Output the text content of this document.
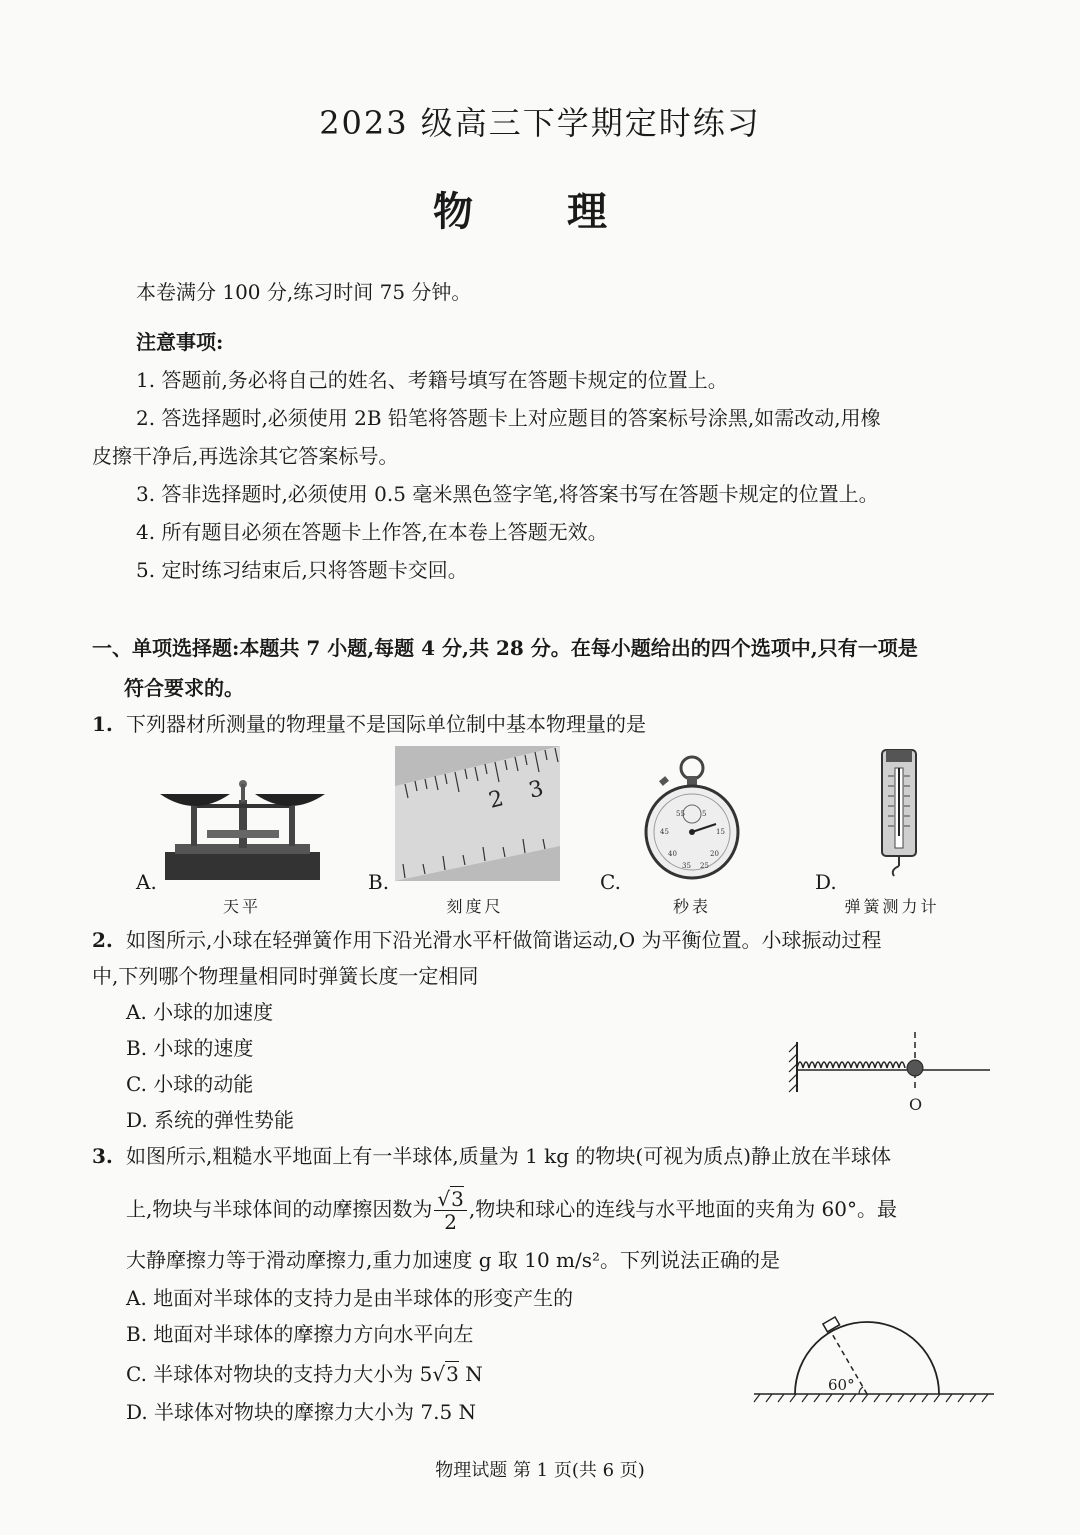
2023 级高三下学期定时练习
物 理
本卷满分 100 分,练习时间 75 分钟。
注意事项:
1. 答题前,务必将自己的姓名、考籍号填写在答题卡规定的位置上。
2. 答选择题时,必须使用 2B 铅笔将答题卡上对应题目的答案标号涂黑,如需改动,用橡
皮擦干净后,再选涂其它答案标号。
3. 答非选择题时,必须使用 0.5 毫米黑色签字笔,将答案书写在答题卡规定的位置上。
4. 所有题目必须在答题卡上作答,在本卷上答题无效。
5. 定时练习结束后,只将答题卡交回。
一、单项选择题:本题共 7 小题,每题 4 分,共 28 分。在每小题给出的四个选项中,只有一项是
符合要求的。
1. 下列器材所测量的物理量不是国际单位制中基本物理量的是
2 3
55 5
45	15
40	20
35 25
A.	B.	C.	D.
天平	刻度尺	秒表	弹簧测力计
2. 如图所示,小球在轻弹簧作用下沿光滑水平杆做简谐运动,O 为平衡位置。小球振动过程
中,下列哪个物理量相同时弹簧长度一定相同
A. 小球的加速度
B. 小球的速度
C. 小球的动能
D. 系统的弹性势能
O
3. 如图所示,粗糙水平地面上有一半球体,质量为 1 kg 的物块(可视为质点)静止放在半球体
上,物块与半球体间的动摩擦因数为 $\frac{√3}{2}$ ,物块和球心的连线与水平地面的夹角为 60°。最
大静摩擦力等于滑动摩擦力,重力加速度 g 取 10 m/s²。下列说法正确的是
A. 地面对半球体的支持力是由半球体的形变产生的
B. 地面对半球体的摩擦力方向水平向左
C. 半球体对物块的支持力大小为 5√3 N
D. 半球体对物块的摩擦力大小为 7.5 N
60°
物理试题 第 1 页(共 6 页)
